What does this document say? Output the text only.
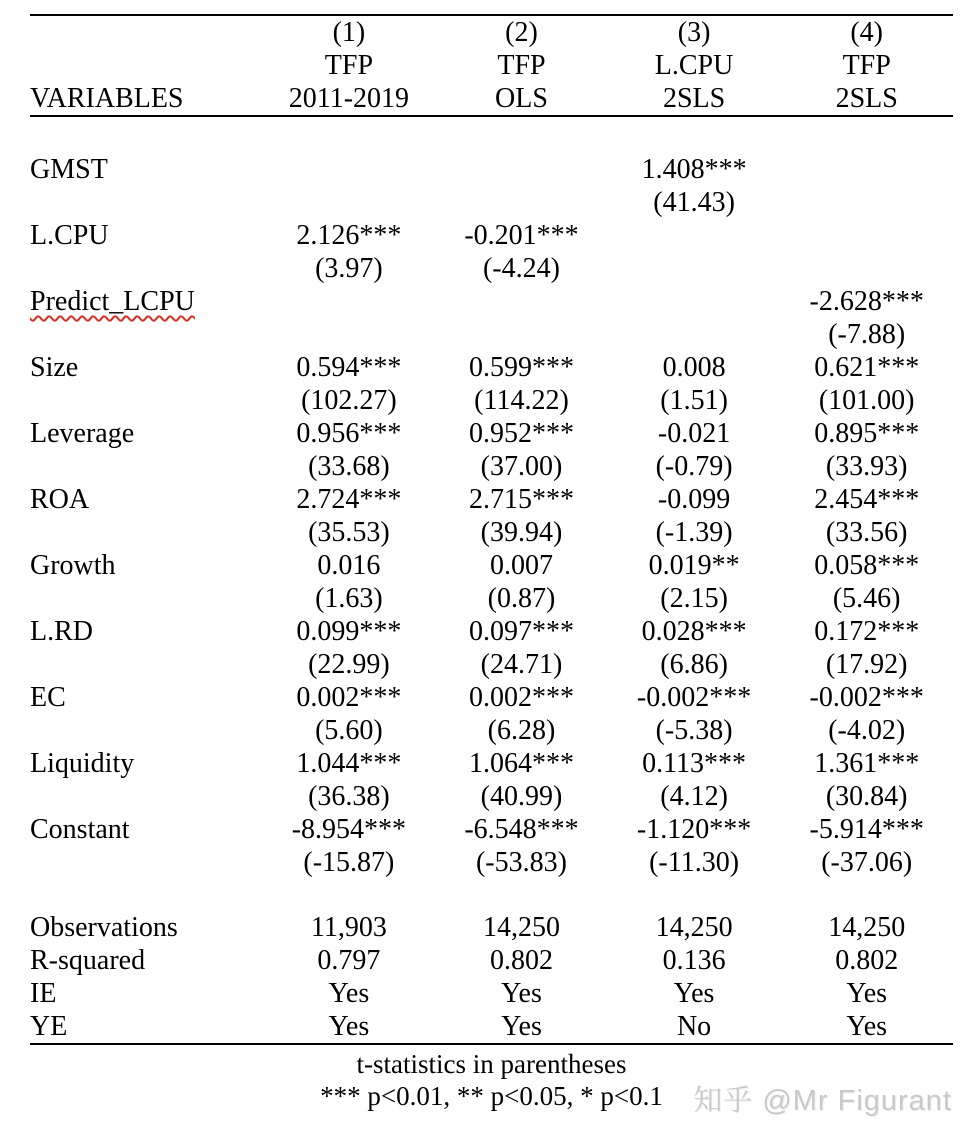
	(1)	(2)	(3)	(4)
	TFP	TFP	L.CPU	TFP
VARIABLES	2011-2019	OLS	2SLS	2SLS

GMST			1.408***	
			(41.43)	
L.CPU	2.126***	-0.201***		
	(3.97)	(-4.24)		
Predict_LCPU				-2.628***
				(-7.88)
Size	0.594***	0.599***	0.008	0.621***
	(102.27)	(114.22)	(1.51)	(101.00)
Leverage	0.956***	0.952***	-0.021	0.895***
	(33.68)	(37.00)	(-0.79)	(33.93)
ROA	2.724***	2.715***	-0.099	2.454***
	(35.53)	(39.94)	(-1.39)	(33.56)
Growth	0.016	0.007	0.019**	0.058***
	(1.63)	(0.87)	(2.15)	(5.46)
L.RD	0.099***	0.097***	0.028***	0.172***
	(22.99)	(24.71)	(6.86)	(17.92)
EC	0.002***	0.002***	-0.002***	-0.002***
	(5.60)	(6.28)	(-5.38)	(-4.02)
Liquidity	1.044***	1.064***	0.113***	1.361***
	(36.38)	(40.99)	(4.12)	(30.84)
Constant	-8.954***	-6.548***	-1.120***	-5.914***
	(-15.87)	(-53.83)	(-11.30)	(-37.06)

Observations	11,903	14,250	14,250	14,250
R-squared	0.797	0.802	0.136	0.802
IE	Yes	Yes	Yes	Yes
YE	Yes	Yes	No	Yes
t-statistics in parentheses
*** p<0.01, ** p<0.05, * p<0.1	知乎 @Mr Figurant
